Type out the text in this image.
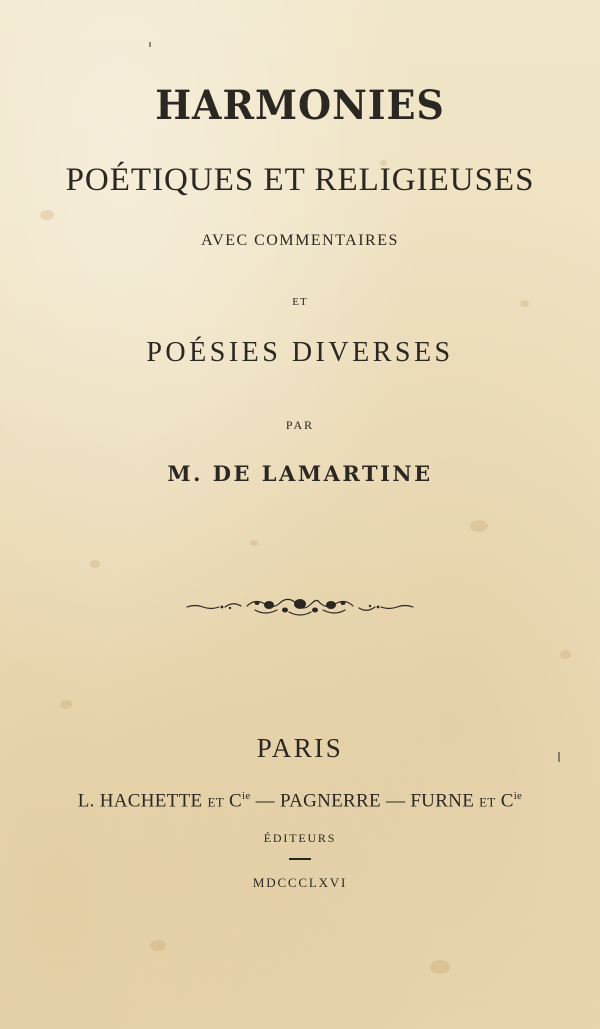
HARMONIES
POÉTIQUES ET RELIGIEUSES
AVEC COMMENTAIRES
ET
POÉSIES DIVERSES
PAR
M. DE LAMARTINE
PARIS
L. HACHETTE ET $C^{ie}$ — PAGNERRE — FURNE ET $C^{ie}$
ÉDITEURS
MDCCCLXVI
